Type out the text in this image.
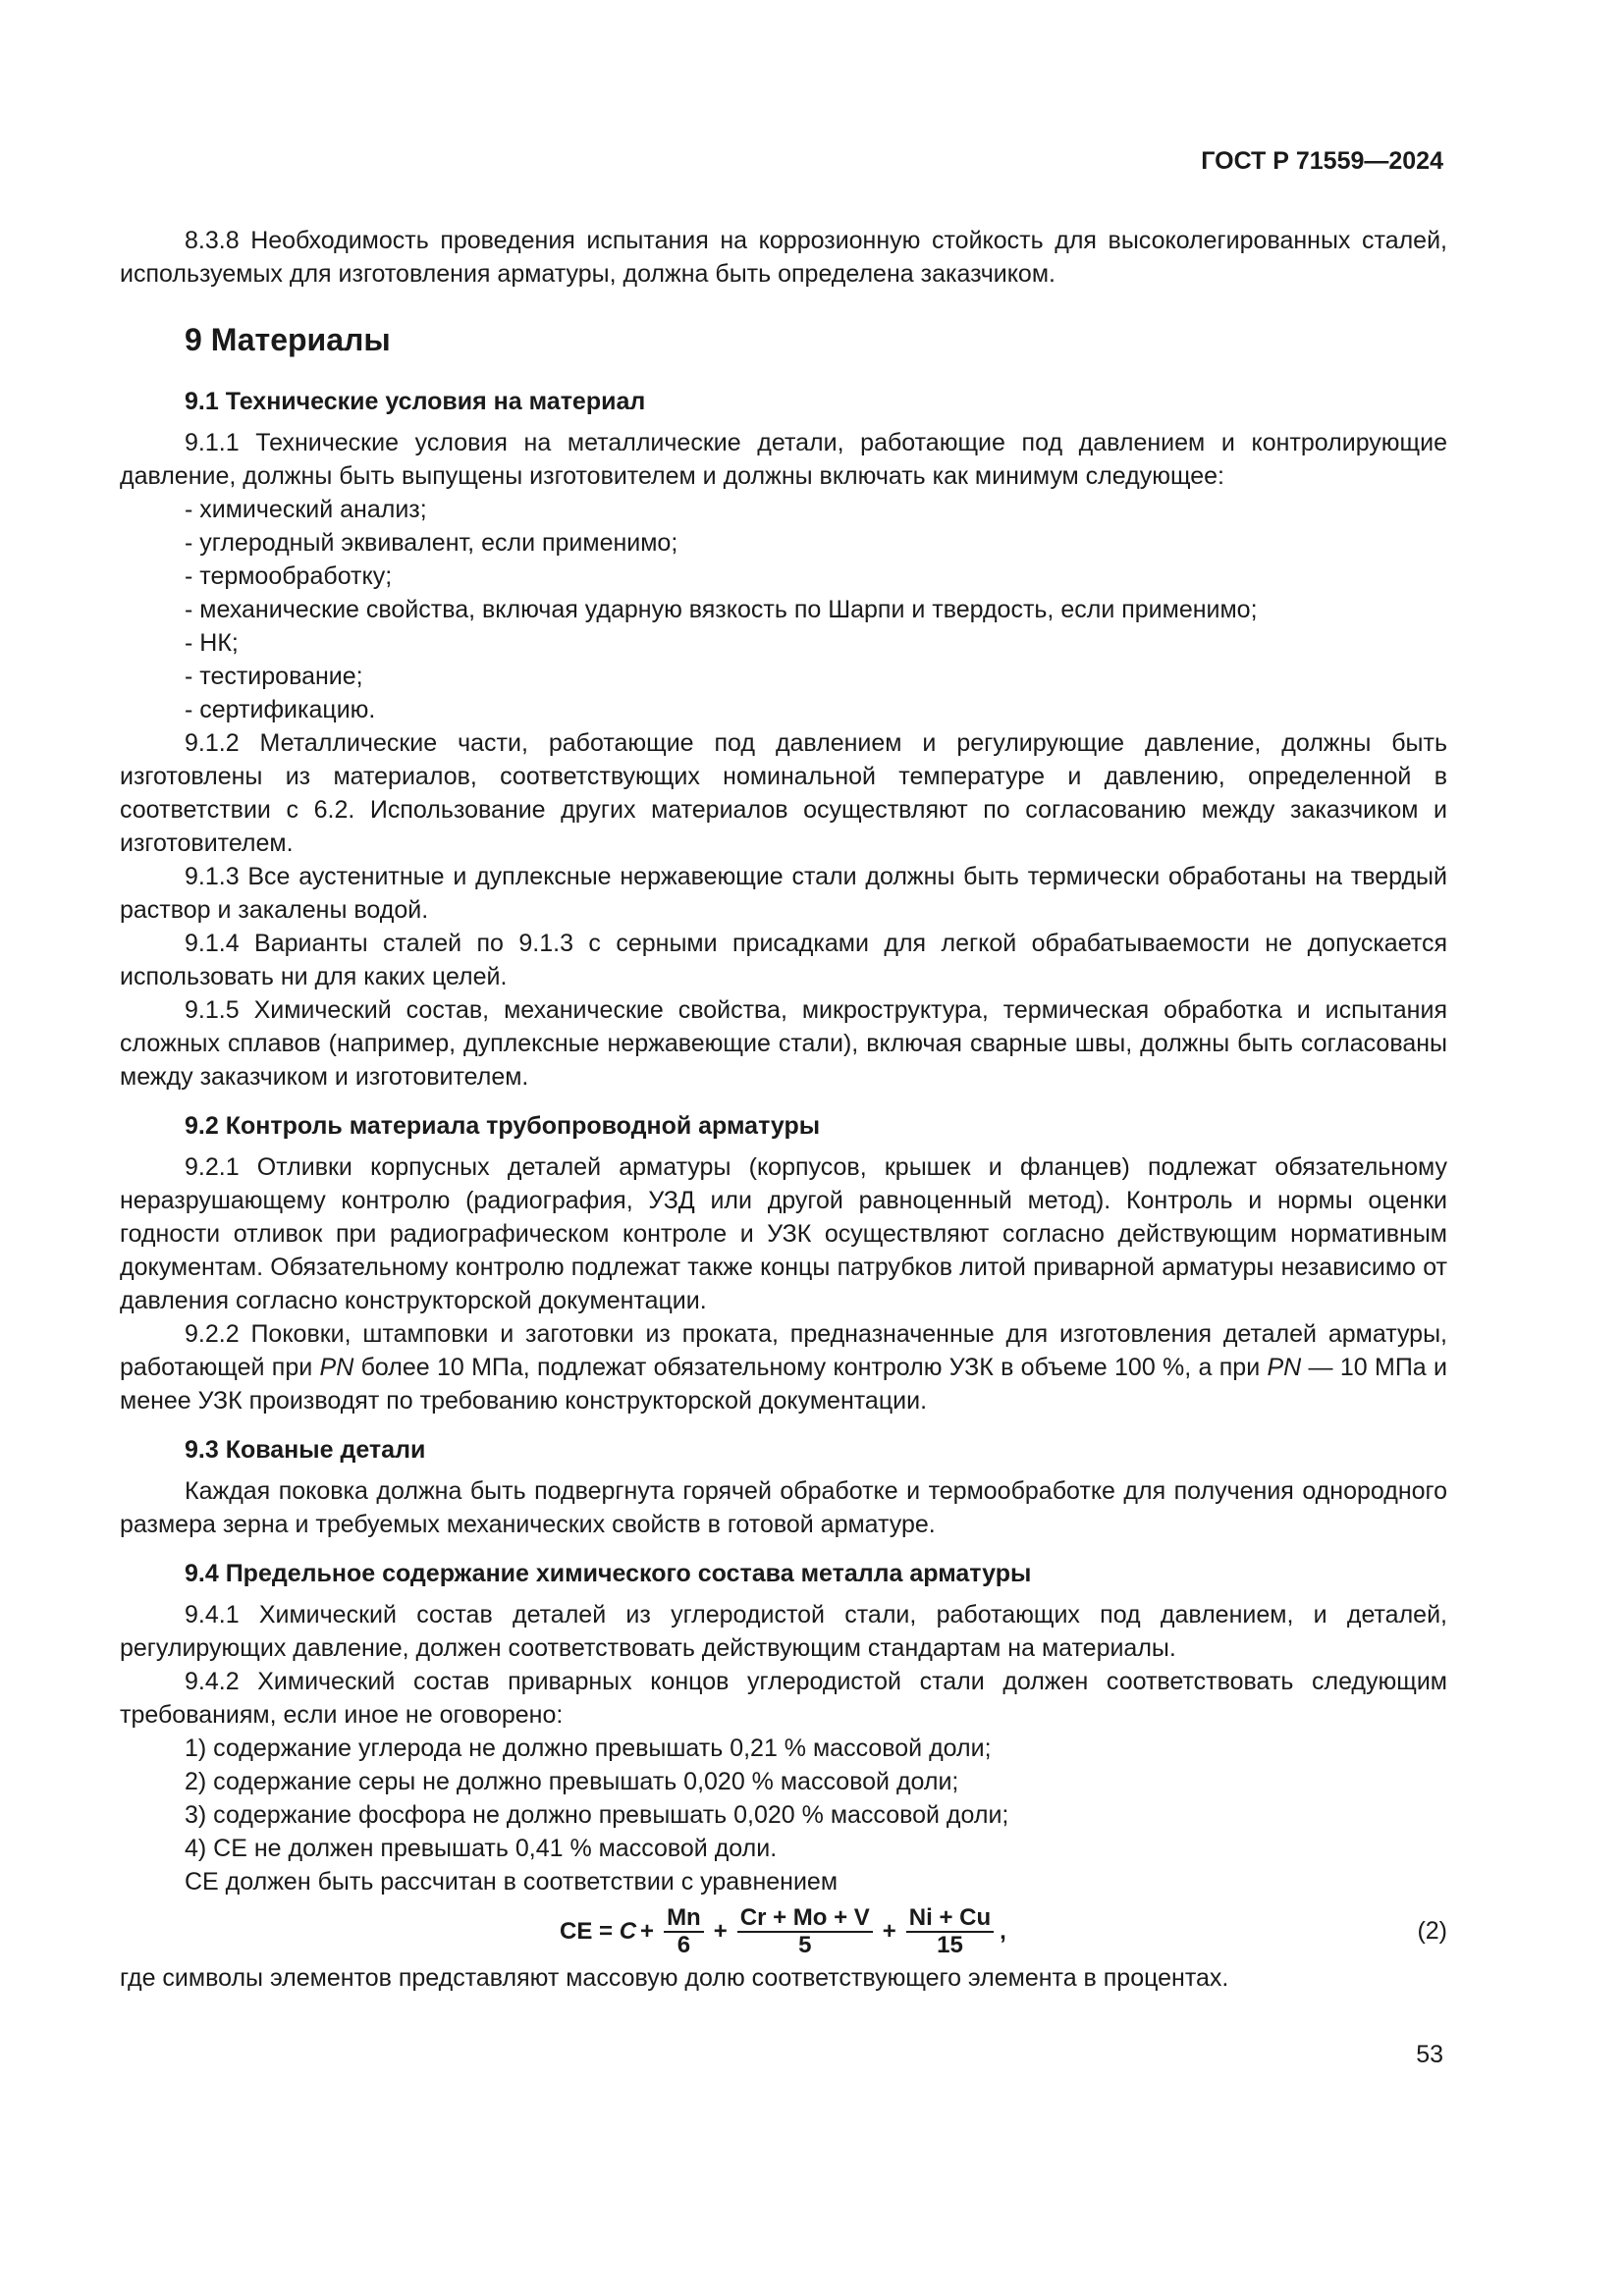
ГОСТ Р 71559—2024

8.3.8 Необходимость проведения испытания на коррозионную стойкость для высоколегированных сталей, используемых для изготовления арматуры, должна быть определена заказчиком.

9 Материалы

9.1 Технические условия на материал

9.1.1 Технические условия на металлические детали, работающие под давлением и контролирующие давление, должны быть выпущены изготовителем и должны включать как минимум следующее:

- химический анализ;

- углеродный эквивалент, если применимо;

- термообработку;

- механические свойства, включая ударную вязкость по Шарпи и твердость, если применимо;

- НК;

- тестирование;

- сертификацию.

9.1.2 Металлические части, работающие под давлением и регулирующие давление, должны быть изготовлены из материалов, соответствующих номинальной температуре и давлению, определенной в соответствии с 6.2. Использование других материалов осуществляют по согласованию между заказчиком и изготовителем.

9.1.3 Все аустенитные и дуплексные нержавеющие стали должны быть термически обработаны на твердый раствор и закалены водой.

9.1.4 Варианты сталей по 9.1.3 с серными присадками для легкой обрабатываемости не допускается использовать ни для каких целей.

9.1.5 Химический состав, механические свойства, микроструктура, термическая обработка и испытания сложных сплавов (например, дуплексные нержавеющие стали), включая сварные швы, должны быть согласованы между заказчиком и изготовителем.

9.2 Контроль материала трубопроводной арматуры

9.2.1 Отливки корпусных деталей арматуры (корпусов, крышек и фланцев) подлежат обязательному неразрушающему контролю (радиография, УЗД или другой равноценный метод). Контроль и нормы оценки годности отливок при радиографическом контроле и УЗК осуществляют согласно действующим нормативным документам. Обязательному контролю подлежат также концы патрубков литой приварной арматуры независимо от давления согласно конструкторской документации.

9.2.2 Поковки, штамповки и заготовки из проката, предназначенные для изготовления деталей арматуры, работающей при PN более 10 МПа, подлежат обязательному контролю УЗК в объеме 100 %, а при PN — 10 МПа и менее УЗК производят по требованию конструкторской документации.

9.3 Кованые детали

Каждая поковка должна быть подвергнута горячей обработке и термообработке для получения однородного размера зерна и требуемых механических свойств в готовой арматуре.

9.4 Предельное содержание химического состава металла арматуры

9.4.1 Химический состав деталей из углеродистой стали, работающих под давлением, и деталей, регулирующих давление, должен соответствовать действующим стандартам на материалы.

9.4.2 Химический состав приварных концов углеродистой стали должен соответствовать следующим требованиям, если иное не оговорено:

1) содержание углерода не должно превышать 0,21 % массовой доли;

2) содержание серы не должно превышать 0,020 % массовой доли;

3) содержание фосфора не должно превышать 0,020 % массовой доли;

4) CE не должен превышать 0,41 % массовой доли.

CE должен быть рассчитан в соответствии с уравнением

CE = $C + \frac{Mn}{6} + \frac{Cr + Mo + V}{5} + \frac{Ni + Cu}{15}$ ,	(2)

где символы элементов представляют массовую долю соответствующего элемента в процентах.

53
